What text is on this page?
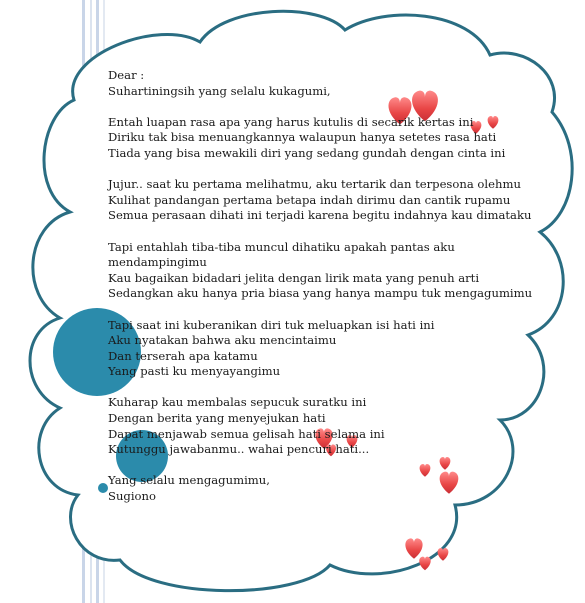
Dear :
Suhartiningsih yang selalu kukagumi,
Entah luapan rasa apa yang harus kutulis di secarik kertas ini
Diriku tak bisa menuangkannya walaupun hanya setetes rasa hati
Tiada yang bisa mewakili diri yang sedang gundah dengan cinta ini
Jujur.. saat ku pertama melihatmu, aku tertarik dan terpesona olehmu
Kulihat pandangan pertama betapa indah dirimu dan cantik rupamu
Semua perasaan dihati ini terjadi karena begitu indahnya kau dimataku
Tapi entahlah tiba-tiba muncul dihatiku apakah pantas aku mendampingimu
Kau bagaikan bidadari jelita dengan lirik mata yang penuh arti
Sedangkan aku hanya pria biasa yang hanya mampu tuk mengagumimu
Tapi saat ini kuberanikan diri tuk meluapkan isi hati ini
Aku nyatakan bahwa aku mencintaimu
Dan terserah apa katamu
Yang pasti ku menyayangimu
Kuharap kau membalas sepucuk suratku ini
Dengan berita yang menyejukan hati
Dapat menjawab semua gelisah hati selama ini
Kutunggu jawabanmu.. wahai pencuri hati...
Yang selalu mengagumimu,
Sugiono
